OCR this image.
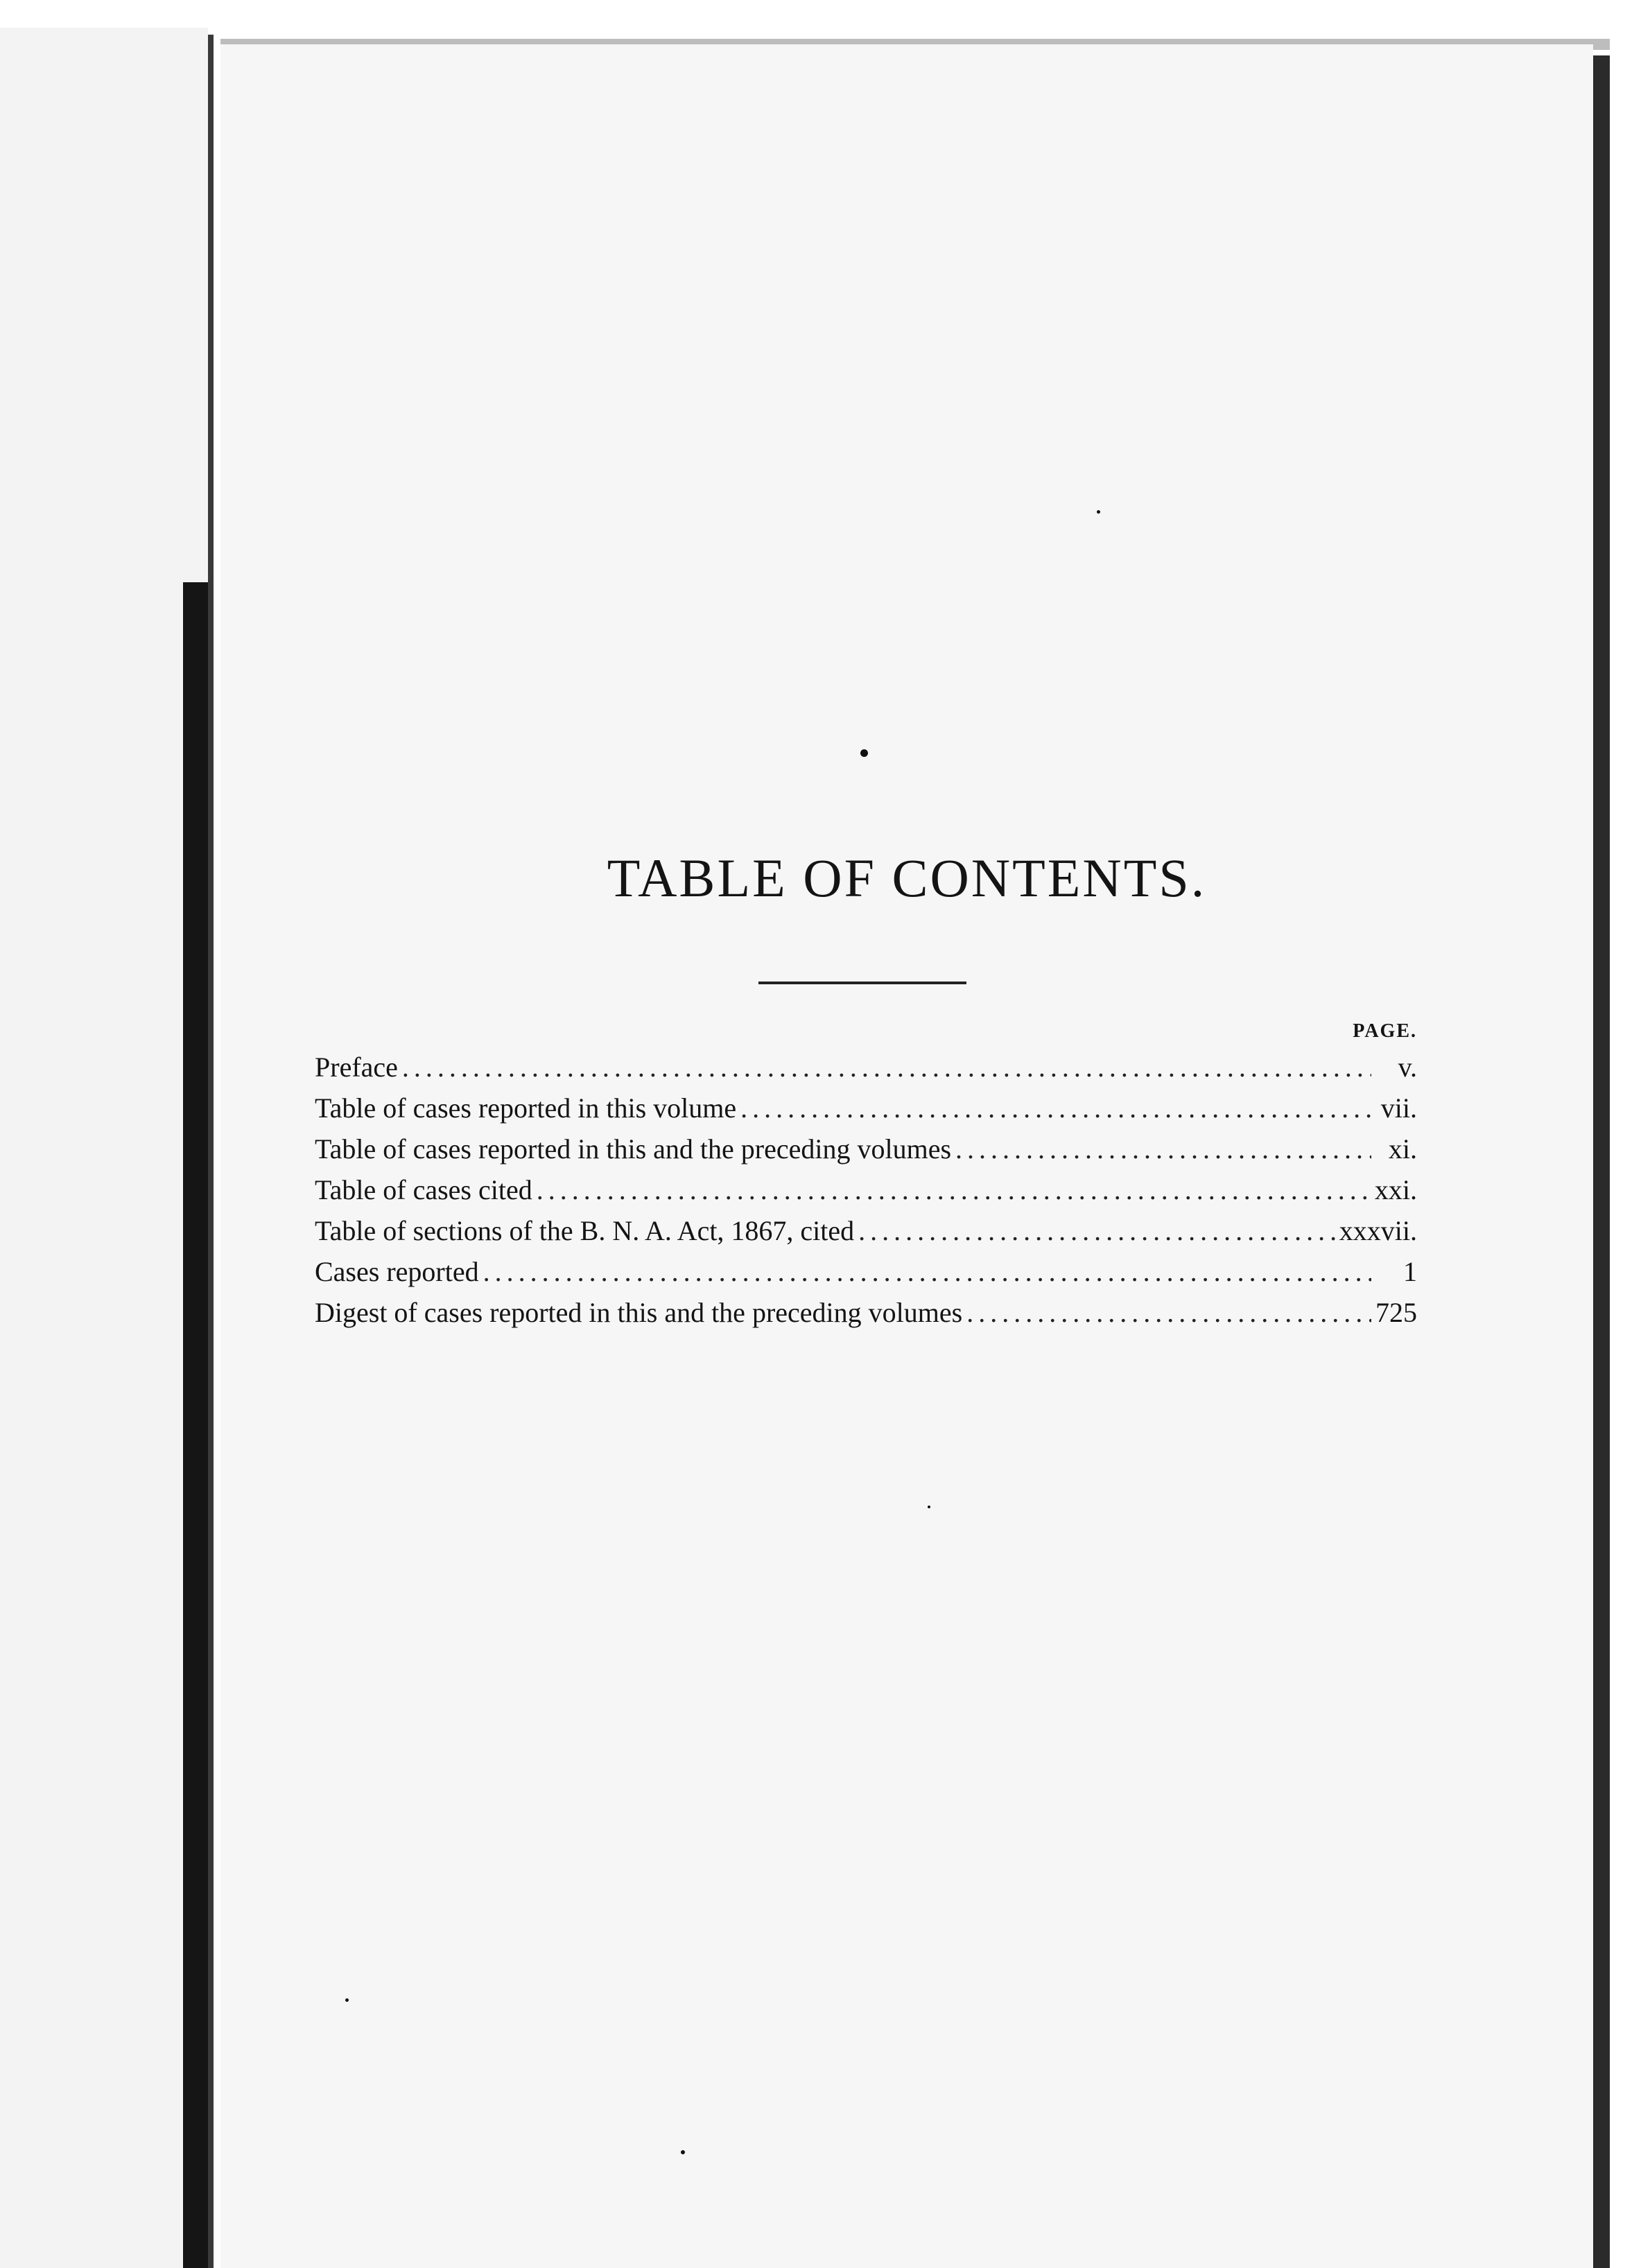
TABLE OF CONTENTS.
PAGE.
Preface .....	v.
Table of cases reported in this volume .....	vii.
Table of cases reported in this and the preceding volumes .....	xi.
Table of cases cited .....	xxi.
Table of sections of the B. N. A. Act, 1867, cited .....	xxxvii.
Cases reported .....	1
Digest of cases reported in this and the preceding volumes .....	725
